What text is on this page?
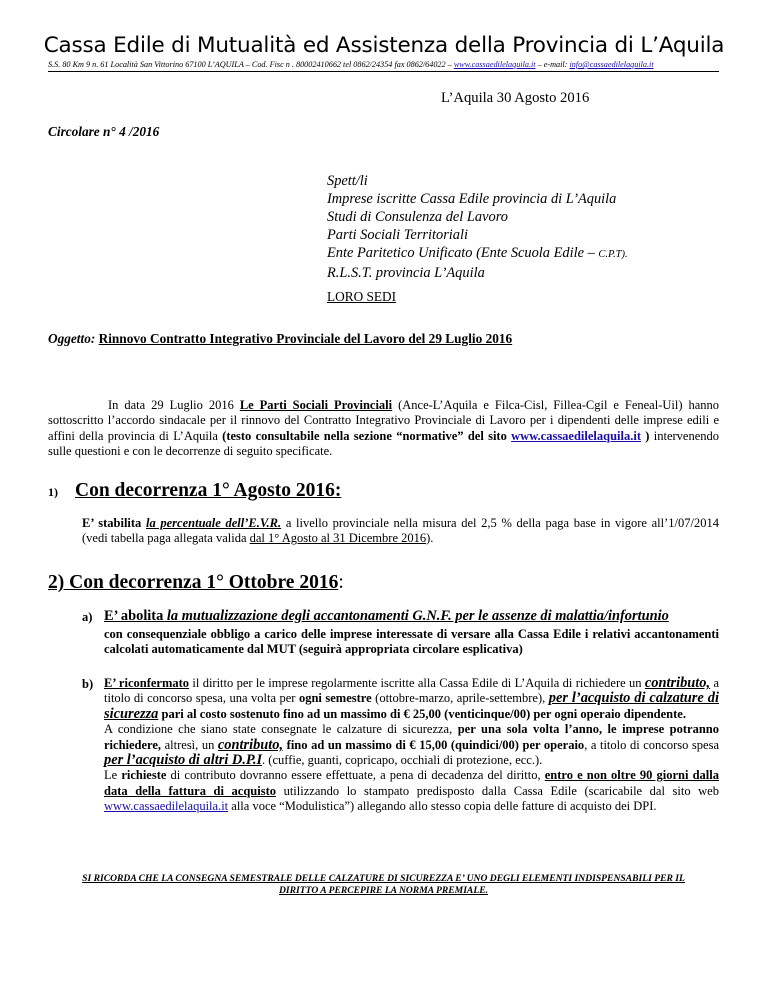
Cassa Edile di Mutualità ed Assistenza della Provincia di L’Aquila
S.S. 80 Km 9 n. 61 Località San Vittorino 67100 L’AQUILA – Cod. Fisc n . 80002410662 tel 0862/24354 fax 0862/64022 – www.cassaedilelaquila.it – e-mail: info@cassaedilelaquila.it
L’Aquila 30 Agosto 2016
Circolare n° 4 /2016
Spett/li
Imprese iscritte Cassa Edile provincia di L’Aquila
Studi di Consulenza del Lavoro
Parti Sociali Territoriali
Ente Paritetico Unificato (Ente Scuola Edile – C.P.T).
R.L.S.T. provincia L’Aquila
LORO SEDI
Oggetto: Rinnovo Contratto Integrativo Provinciale del Lavoro del 29 Luglio 2016

In data 29 Luglio 2016 Le Parti Sociali Provinciali (Ance-L’Aquila e Filca-Cisl, Fillea-Cgil e Feneal-Uil) hanno sottoscritto l’accordo sindacale per il rinnovo del Contratto Integrativo Provinciale di Lavoro per i dipendenti delle imprese edili e affini della provincia di L’Aquila (testo consultabile nella sezione “normative” del sito www.cassaedilelaquila.it ) intervenendo sulle questioni e con le decorrenze di seguito specificate.

1) Con decorrenza 1° Agosto 2016:
E’ stabilita la percentuale dell’E.V.R. a livello provinciale nella misura del 2,5 % della paga base in vigore all’1/07/2014 (vedi tabella paga allegata valida dal 1° Agosto al 31 Dicembre 2016).
2) Con decorrenza 1° Ottobre 2016:
a) E’ abolita la mutualizzazione degli accantonamenti G.N.F. per le assenze di malattia/infortunio
con consequenziale obbligo a carico delle imprese interessate di versare alla Cassa Edile i relativi accantonamenti calcolati automaticamente dal MUT (seguirà appropriata circolare esplicativa)
b) E’ riconfermato il diritto per le imprese regolarmente iscritte alla Cassa Edile di L’Aquila di richiedere un contributo, a titolo di concorso spesa, una volta per ogni semestre (ottobre-marzo, aprile-settembre), per l’acquisto di calzature di sicurezza pari al costo sostenuto fino ad un massimo di € 25,00 (venticinque/00) per ogni operaio dipendente.
A condizione che siano state consegnate le calzature di sicurezza, per una sola volta l’anno, le imprese potranno richiedere, altresì, un contributo, fino ad un massimo di € 15,00 (quindici/00) per operaio, a titolo di concorso spesa per l’acquisto di altri D.P.I. (cuffie, guanti, copricapo, occhiali di protezione, ecc.).
Le richieste di contributo dovranno essere effettuate, a pena di decadenza del diritto, entro e non oltre 90 giorni dalla data della fattura di acquisto utilizzando lo stampato predisposto dalla Cassa Edile (scaricabile dal sito web www.cassaedilelaquila.it alla voce “Modulistica”) allegando allo stesso copia delle fatture di acquisto dei DPI.
SI RICORDA CHE LA CONSEGNA SEMESTRALE DELLE CALZATURE DI SICUREZZA E’ UNO DEGLI ELEMENTI INDISPENSABILI PER IL
DIRITTO A PERCEPIRE LA NORMA PREMIALE.
